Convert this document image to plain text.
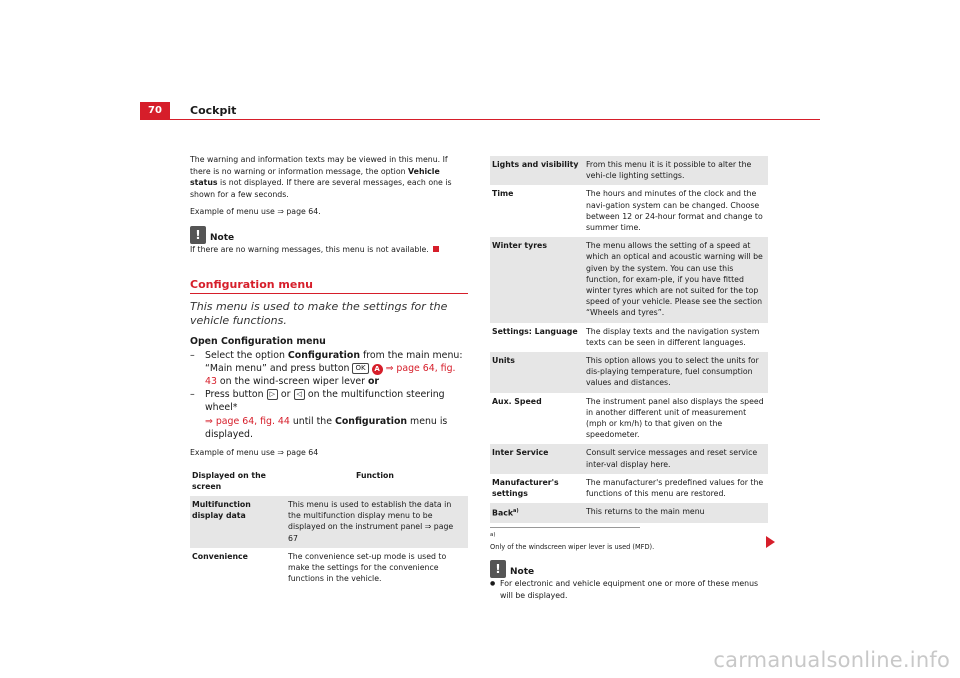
70	Cockpit

The warning and information texts may be viewed in this menu. If there is no warning or information message, the option Vehicle status is not displayed. If there are several messages, each one is shown for a few seconds.

Example of menu use ⇒ page 64.

!	Note

If there are no warning messages, this menu is not available.

Configuration menu
This menu is used to make the settings for the vehicle functions.
Open Configuration menu
– Select the option Configuration from the main menu: “Main menu” and press button OK A ⇒ page 64, fig. 43 on the wind-screen wiper lever or
– Press button ▷ or ◁ on the multifunction steering wheel*
⇒ page 64, fig. 44 until the Configuration menu is displayed.

Example of menu use ⇒ page 64

Displayed on the screen	Function
Multifunction display data	This menu is used to establish the data in the multifunction display menu to be displayed on the instrument panel ⇒ page 67
Convenience	The convenience set-up mode is used to make the settings for the convenience functions in the vehicle.
Lights and visibility	From this menu it is it possible to alter the vehi-cle lighting settings.
Time	The hours and minutes of the clock and the navi-gation system can be changed. Choose between 12 or 24-hour format and change to summer time.
Winter tyres	The menu allows the setting of a speed at which an optical and acoustic warning will be given by the system. You can use this function, for exam-ple, if you have fitted winter tyres which are not suited for the top speed of your vehicle. Please see the section “Wheels and tyres”.
Settings: Language	The display texts and the navigation system texts can be seen in different languages.
Units	This option allows you to select the units for dis-playing temperature, fuel consumption values and distances.
Aux. Speed	The instrument panel also displays the speed in another different unit of measurement (mph or km/h) to that given on the speedometer.
Inter Service	Consult service messages and reset service inter-val display here.
Manufacturer's settings	The manufacturer's predefined values for the functions of this menu are restored.
Back$^{a)}$	This returns to the main menu
$^{a)}$ Only of the windscreen wiper lever is used (MFD).
!	Note

● For electronic and vehicle equipment one or more of these menus will be displayed.

carmanualsonline.info
